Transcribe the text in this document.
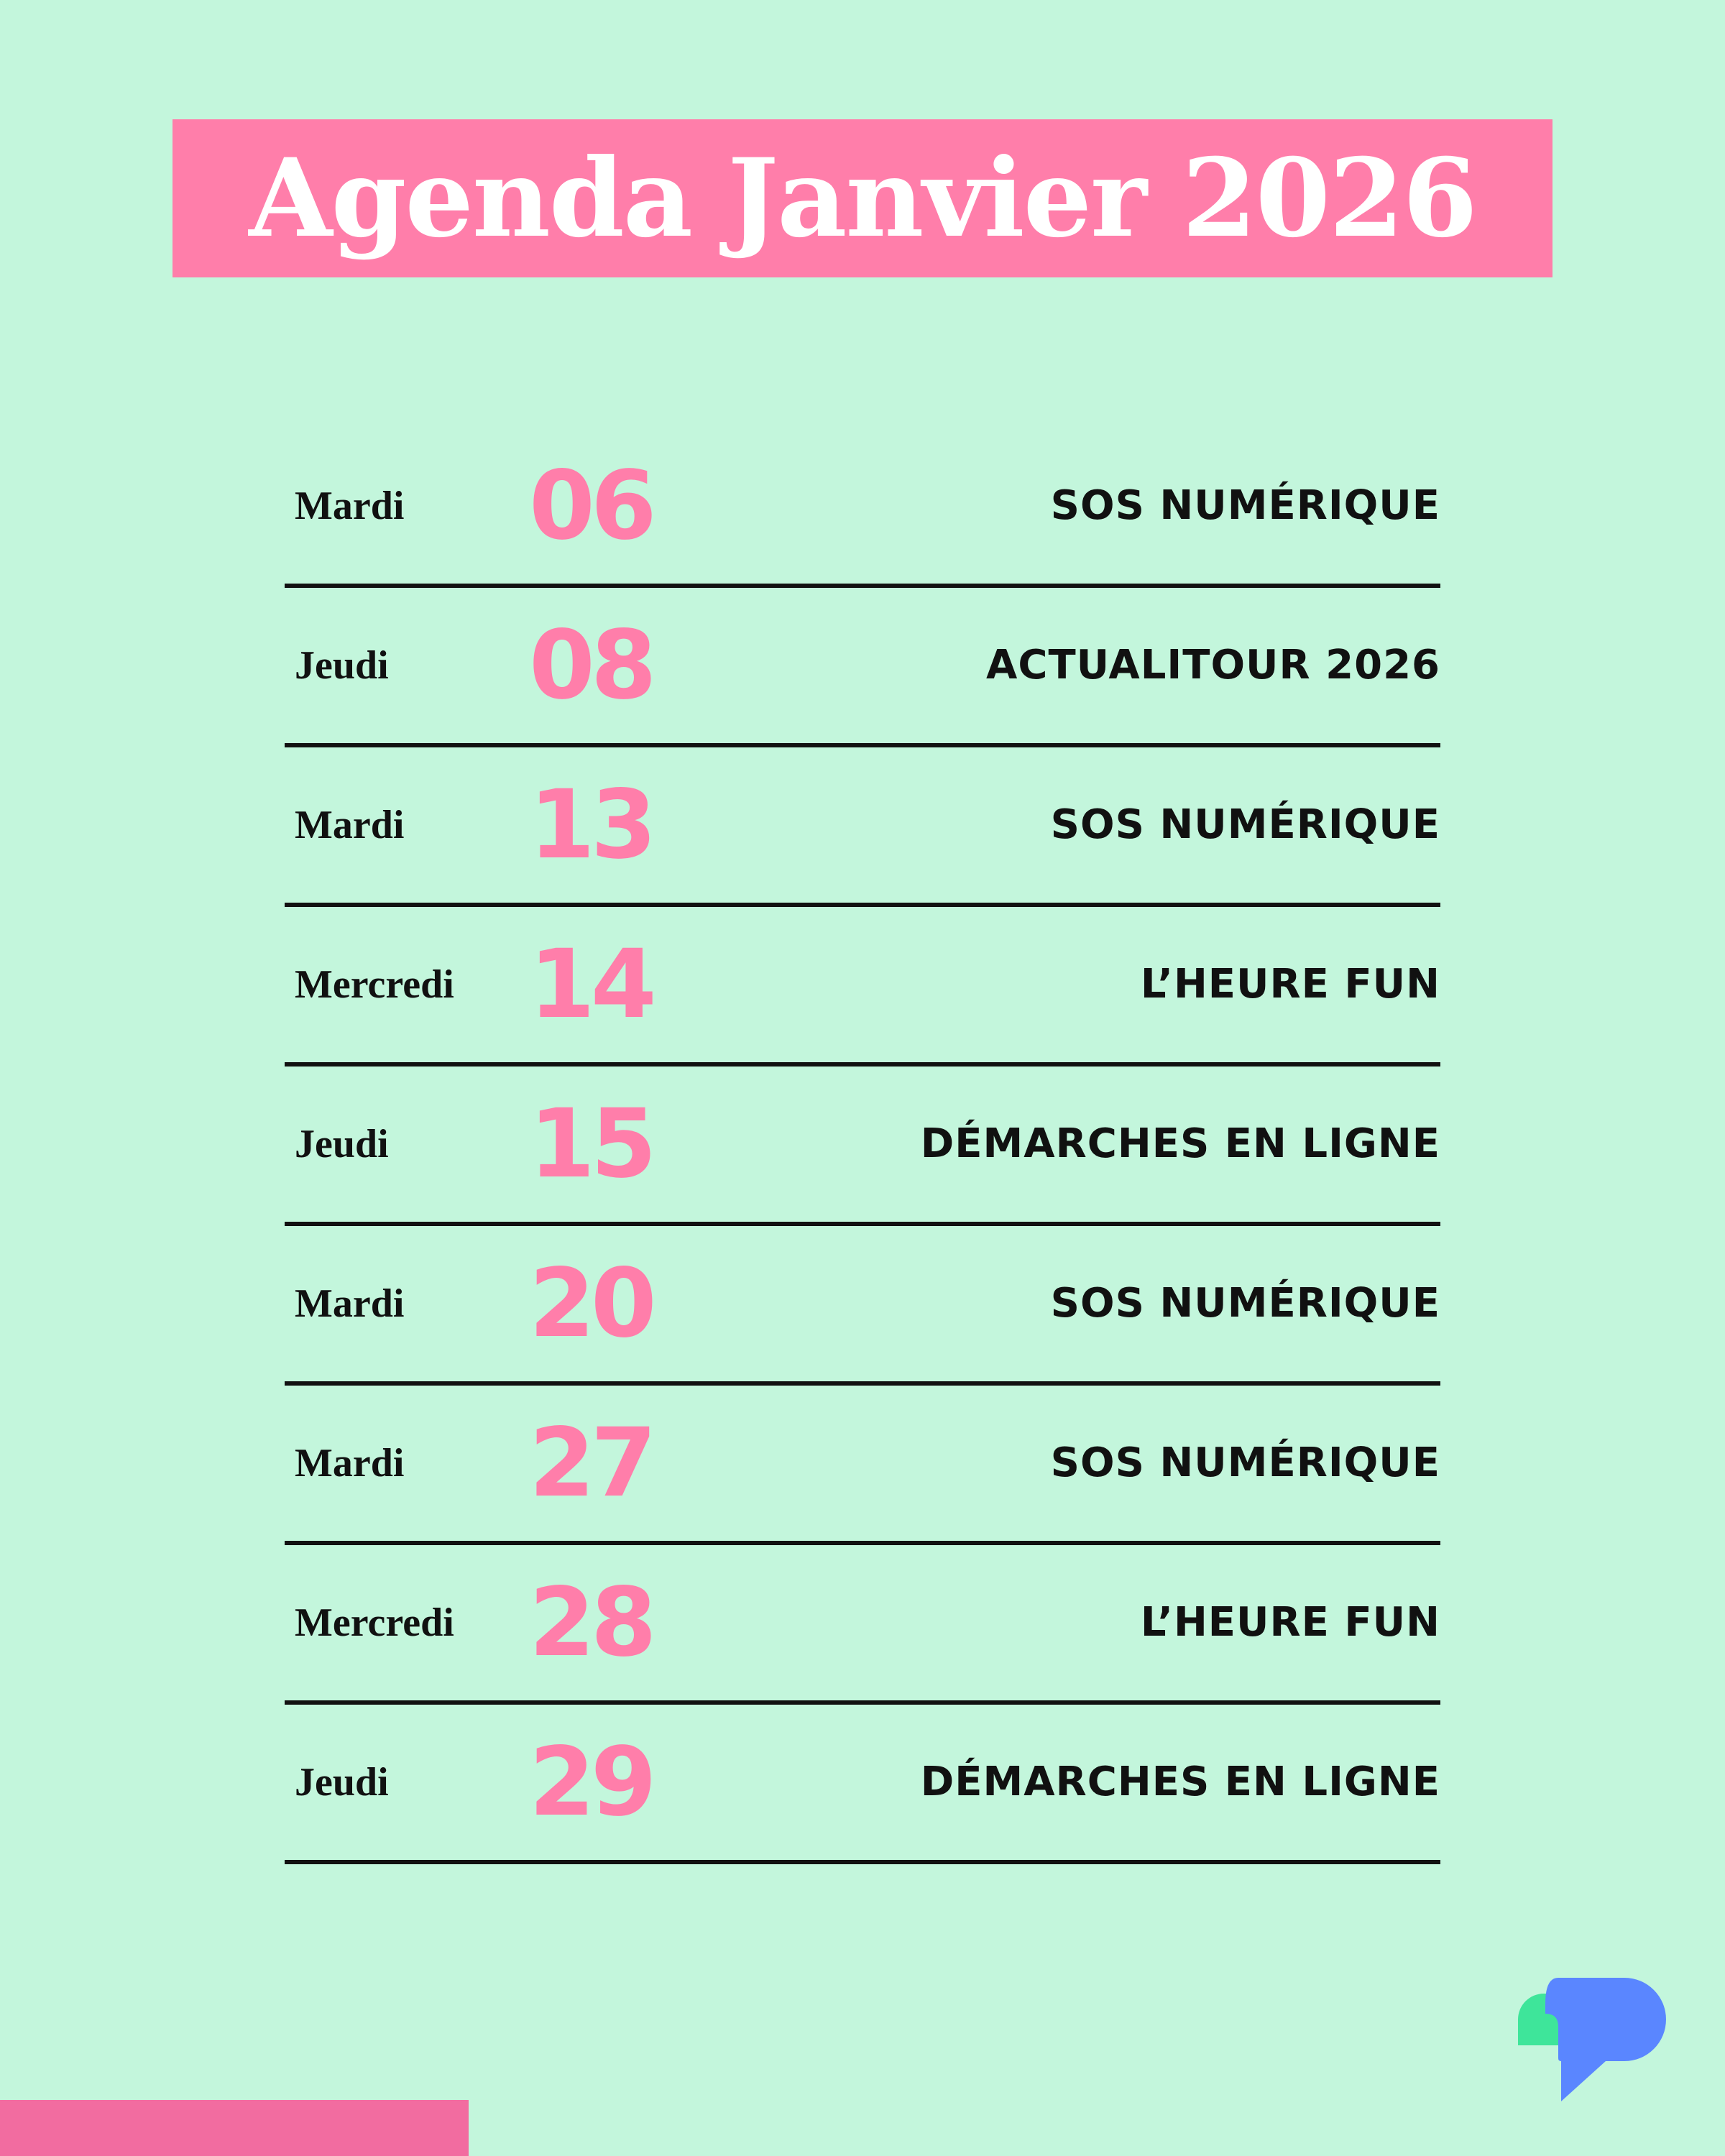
Agenda Janvier 2026
Mardi 06	SOS NUMÉRIQUE
Jeudi 08	ACTUALITOUR 2026
Mardi 13	SOS NUMÉRIQUE
Mercredi 14	L’HEURE FUN
Jeudi 15	DÉMARCHES EN LIGNE
Mardi 20	SOS NUMÉRIQUE
Mardi 27	SOS NUMÉRIQUE
Mercredi 28	L’HEURE FUN
Jeudi 29	DÉMARCHES EN LIGNE
